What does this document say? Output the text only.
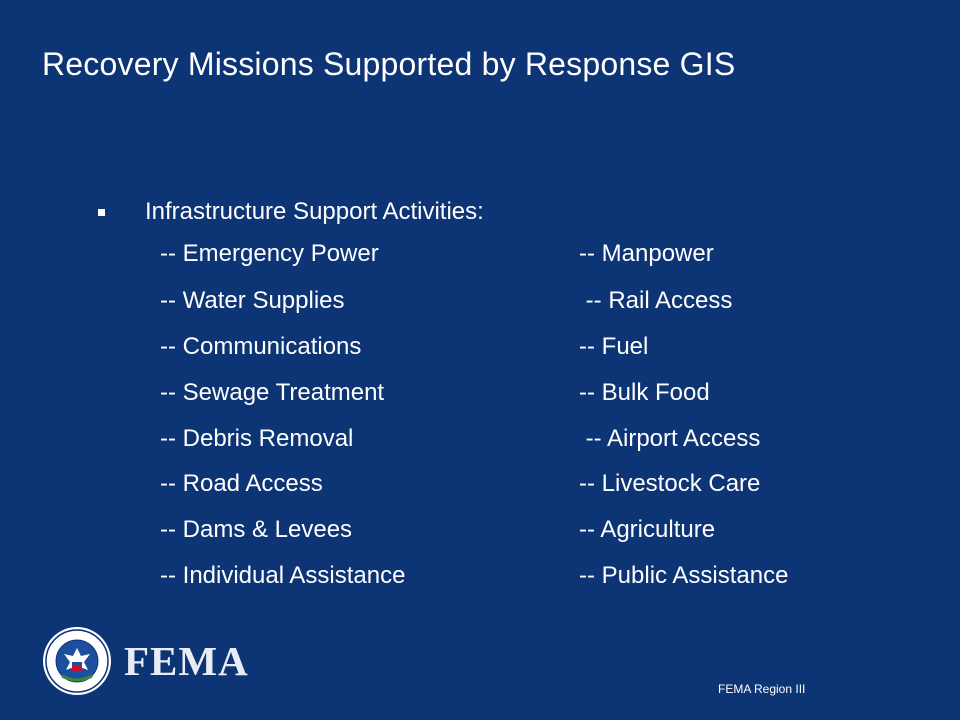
Recovery Missions Supported by Response GIS
Infrastructure Support Activities:
-- Emergency Power
-- Water Supplies
-- Communications
-- Sewage Treatment
-- Debris Removal
-- Road Access
-- Dams & Levees
-- Individual Assistance
-- Manpower
-- Rail Access
-- Fuel
-- Bulk Food
-- Airport Access
-- Livestock Care
-- Agriculture
-- Public Assistance
FEMA
FEMA Region III
